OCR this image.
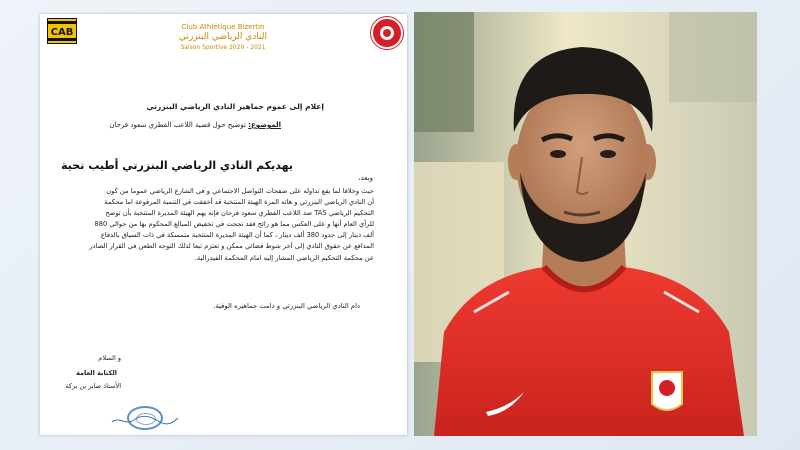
CAB	Club Athlétique Bizertin
النادي الرياضي البنزرتي
Saison Sportive 2020 - 2021
إعلام إلى عموم جماهير النادي الرياضي البنزرتي
الموضوع: توضيح حول قضية اللاعب القطري سعود فرحان
يهديكم النادي الرياضي البنزرتي أطيب تحية
وبعد،
حيث وخلافا لما يقع تداوله على صفحات التواصل الاجتماعي و في الشارع الرياضي عموما من كون
أن النادي الرياضي البنزرتي و هاته المرة الهيئة المنتخبة قد أخفقت في التنمية المرفوعة اما محكمة
التحكيم الرياضي TAS ضد اللاعب القطري سعود فرحان فإنه يهم الهيئة المديرة المنتخبة بأن توضح
للرأي العام أنها و على العكس مما هو رائج فقد نجحت في تخفيض المبالغ المحكوم بها من حوالي 880
ألف دينار إلى حدود 380 ألف دينار ، كما أن الهيئة المديرة المنتخبة متمسكة في ذات السياق بالدفاع
المدافع عن حقوق النادي إلى آخر شوط قضائي ممكن و تعتزم تبعا لذلك التوجه الطعن في القرار الصادر
عن محكمة التحكيم الرياضي المشار إليه امام المحكمة الفيدرالية.
دام النادي الرياضي البنزرتي و دامت جماهيره الوفية.
و السلام
الكتابة العامة
الأستاذ صابر بن بركة
